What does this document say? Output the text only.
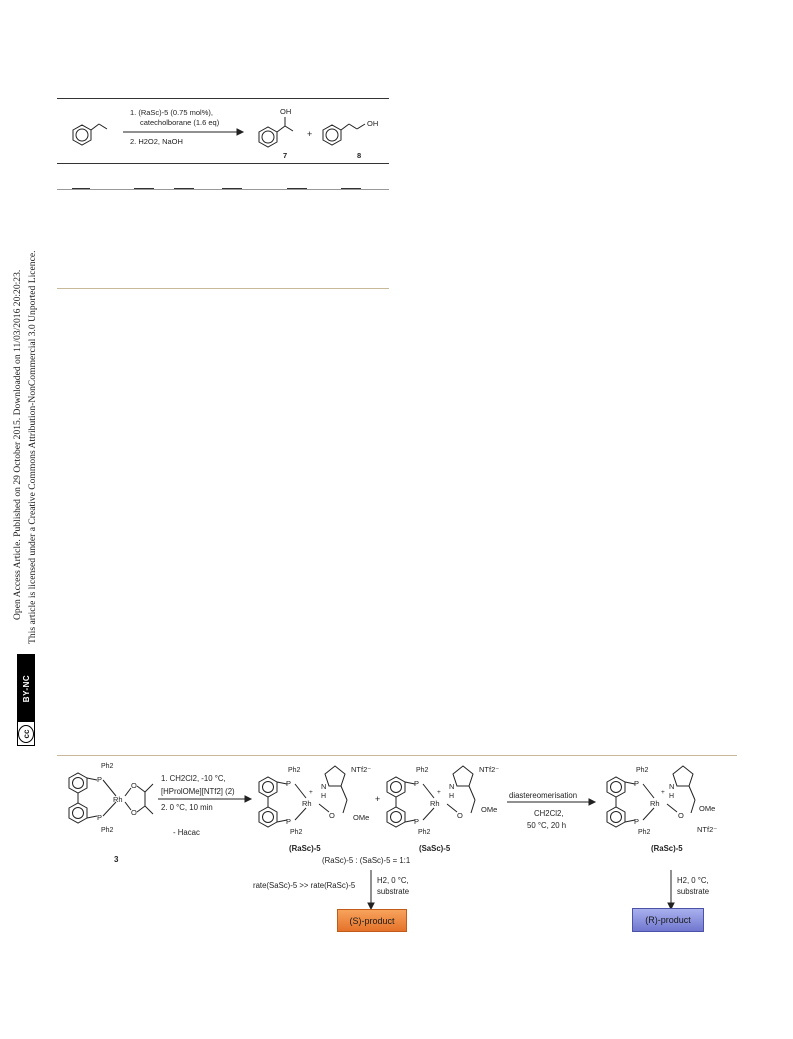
Open Access Article. Published on 29 October 2015. Downloaded on 11/03/2016 20:20:23. This article is licensed under a Creative Commons Attribution-NonCommercial 3.0 Unported Licence.
cc
BY-NC
1. (RaSc)-5 (0.75 mol%),
catecholborane (1.6 eq)
2. H2O2, NaOH
OH
7
+
OH
8
Ph2
P
P
Ph2
Rh
O
O
3
1. CH2Cl2, -10 °C,
[HProlOMe][NTf2] (2)
2. 0 °C, 10 min
- Hacac
Ph2
P
P
Ph2
Rh
+
N
H
O OMe
NTf2⁻
(RaSc)-5
+
Ph2
P
P
Ph2
Rh
+
N
H
O
OMe
NTf2⁻
(SaSc)-5
(RaSc)-5 : (SaSc)-5 = 1:1
diastereomerisation
CH2Cl2,
50 °C, 20 h
Ph2
P
P
Ph2
Rh
+
N
H
O
OMe
NTf2⁻
(RaSc)-5
rate(SaSc)-5 >> rate(RaSc)-5
H2, 0 °C,
substrate
H2, 0 °C,
substrate
(S)-product	(R)-product
